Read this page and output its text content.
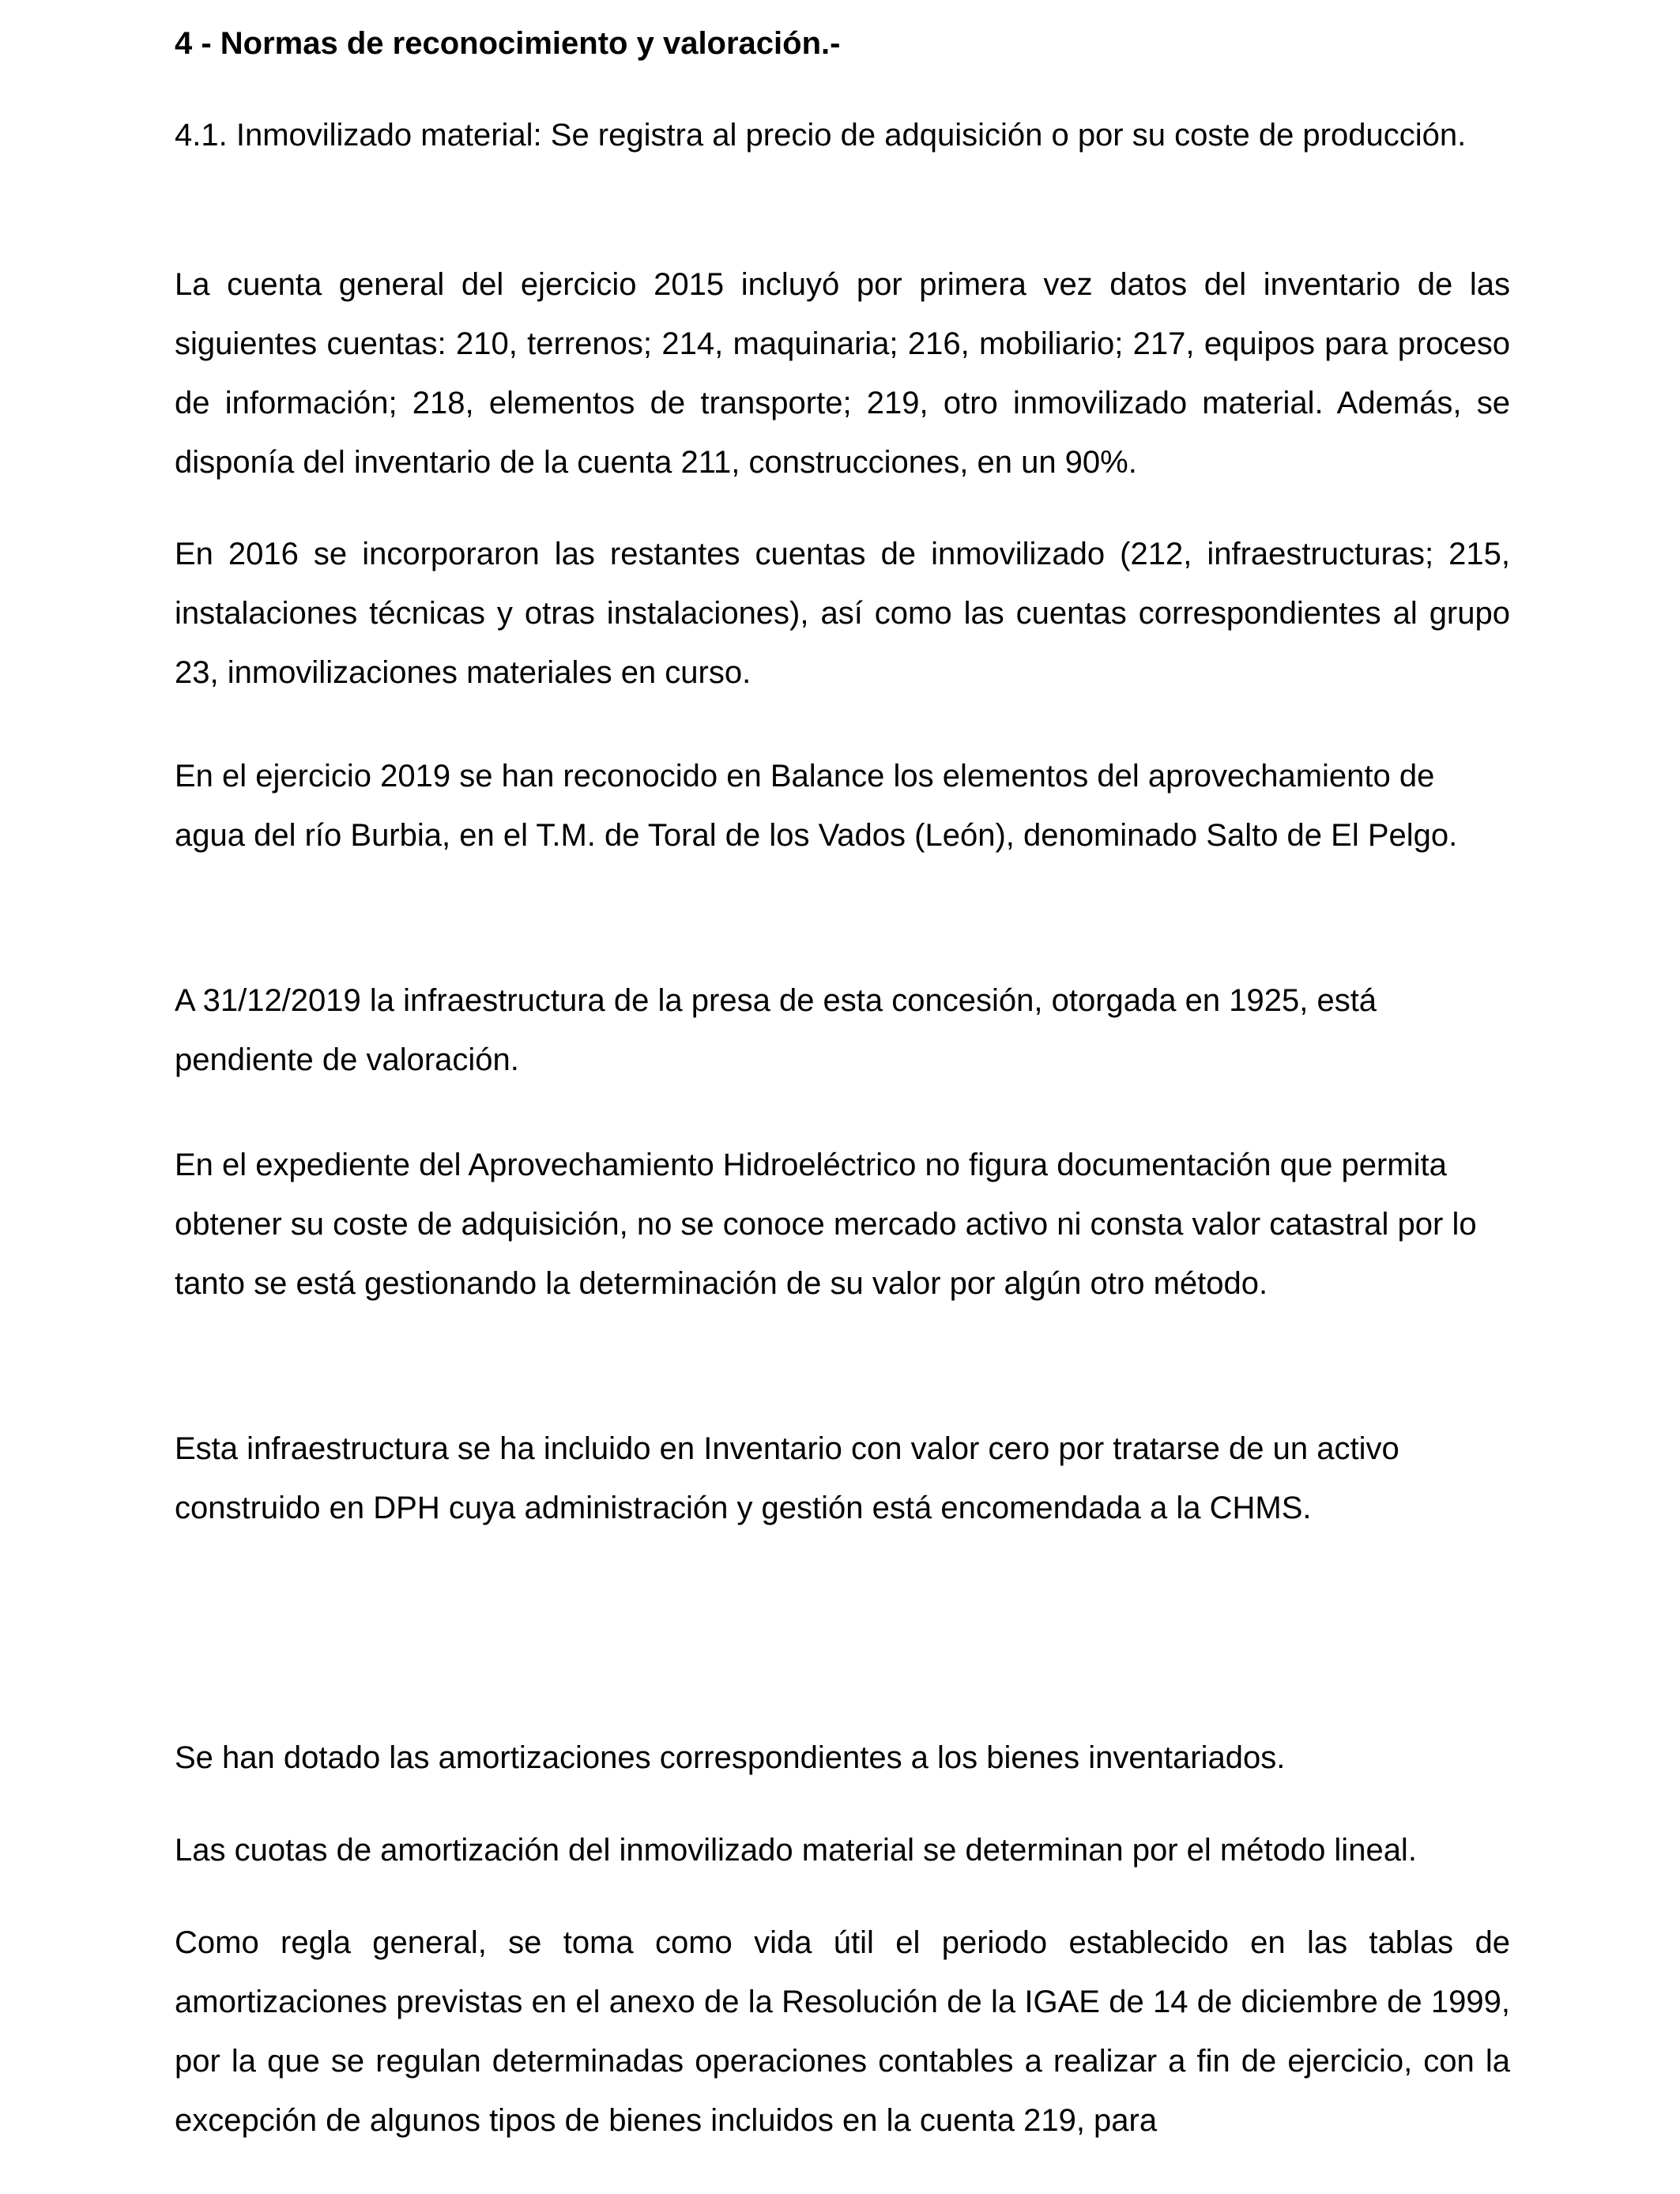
4 - Normas de reconocimiento y valoración.-

4.1. Inmovilizado material: Se registra al precio de adquisición o por su coste de producción.

La cuenta general del ejercicio 2015 incluyó por primera vez datos del inventario de las siguientes cuentas: 210, terrenos; 214, maquinaria; 216, mobiliario; 217, equipos para proceso de información; 218, elementos de transporte; 219, otro inmovilizado material. Además, se disponía del inventario de la cuenta 211, construcciones, en un 90%.

En 2016 se incorporaron las restantes cuentas de inmovilizado (212, infraestructuras; 215, instalaciones técnicas y otras instalaciones), así como las cuentas correspondientes al grupo 23, inmovilizaciones materiales en curso.

En el ejercicio 2019 se han reconocido en Balance los elementos del aprovechamiento de agua del río Burbia, en el T.M. de Toral de los Vados (León), denominado Salto de El Pelgo.

A 31/12/2019 la infraestructura de la presa de esta concesión, otorgada en 1925, está pendiente de valoración.

En el expediente del Aprovechamiento Hidroeléctrico no figura documentación que permita obtener su coste de adquisición, no se conoce mercado activo ni consta valor catastral por lo tanto se está gestionando la determinación de su valor por algún otro método.

Esta infraestructura se ha incluido en Inventario con valor cero por tratarse de un activo construido en DPH cuya administración y gestión está encomendada a la CHMS.

Se han dotado las amortizaciones correspondientes a los bienes inventariados.

Las cuotas de amortización del inmovilizado material se determinan por el método lineal.

Como regla general, se toma como vida útil el periodo establecido en las tablas de amortizaciones previstas en el anexo de la Resolución de la IGAE de 14 de diciembre de 1999, por la que se regulan determinadas operaciones contables a realizar a fin de ejercicio, con la excepción de algunos tipos de bienes incluidos en la cuenta 219, para
